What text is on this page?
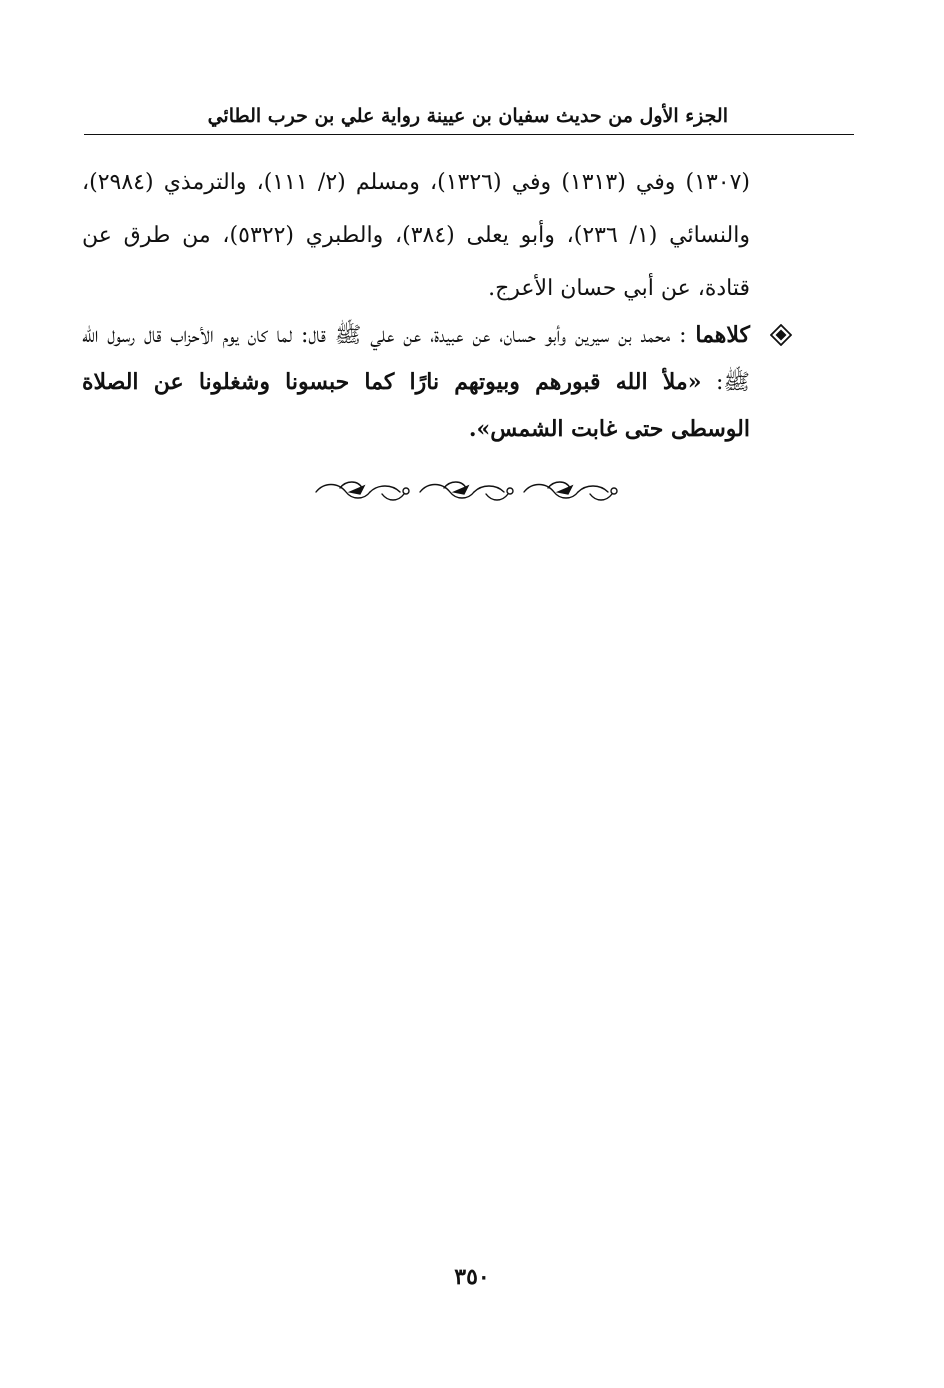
الجزء الأول من حديث سفيان بن عيينة رواية علي بن حرب الطائي

(١٣٠٧) وفي (١٣١٣) وفي (١٣٢٦)، ومسلم (٢/ ١١١)، والترمذي (٢٩٨٤)، والنسائي (١/ ٢٣٦)، وأبو يعلى (٣٨٤)، والطبري (٥٣٢٢)، من طرق عن قتادة، عن أبي حسان الأعرج.

كلاهما : محمد بن سيرين وأبو حسان، عن عبيدة، عن علي ﷺ قال: لما كان يوم الأحزاب قال رسول الله ﷺ: «ملأ الله قبورهم وبيوتهم نارًا كما حبسونا وشغلونا عن الصلاة الوسطى حتى غابت الشمس».
٣٥٠
